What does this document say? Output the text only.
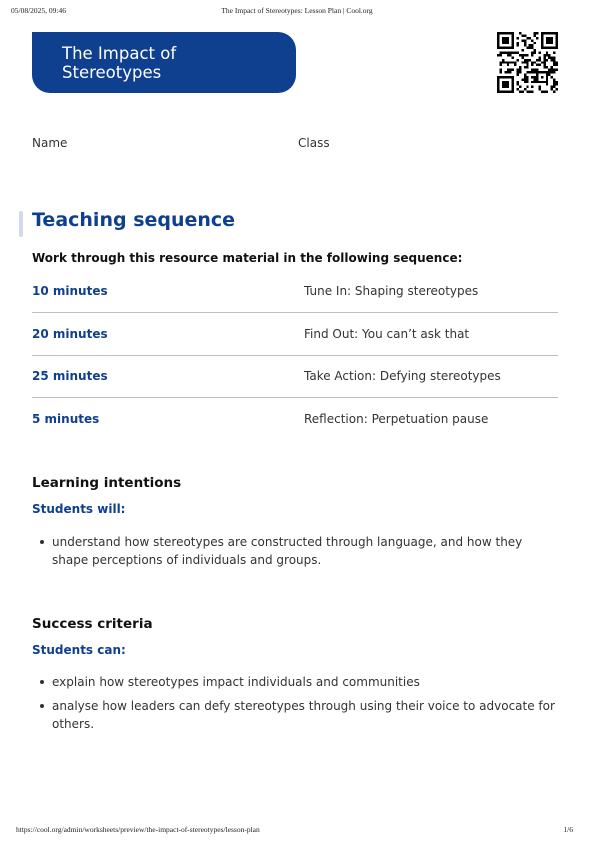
05/08/2025, 09:46	The Impact of Stereotypes: Lesson Plan | Cool.org
The Impact of Stereotypes
Name	Class
Teaching sequence
Work through this resource material in the following sequence:
10 minutes	Tune In: Shaping stereotypes
20 minutes	Find Out: You can’t ask that
25 minutes	Take Action: Defying stereotypes
5 minutes	Reflection: Perpetuation pause
Learning intentions
Students will:
understand how stereotypes are constructed through language, and how they shape perceptions of individuals and groups.
Success criteria
Students can:
explain how stereotypes impact individuals and communities
analyse how leaders can defy stereotypes through using their voice to advocate for others.
https://cool.org/admin/worksheets/preview/the-impact-of-stereotypes/lesson-plan	1/6
